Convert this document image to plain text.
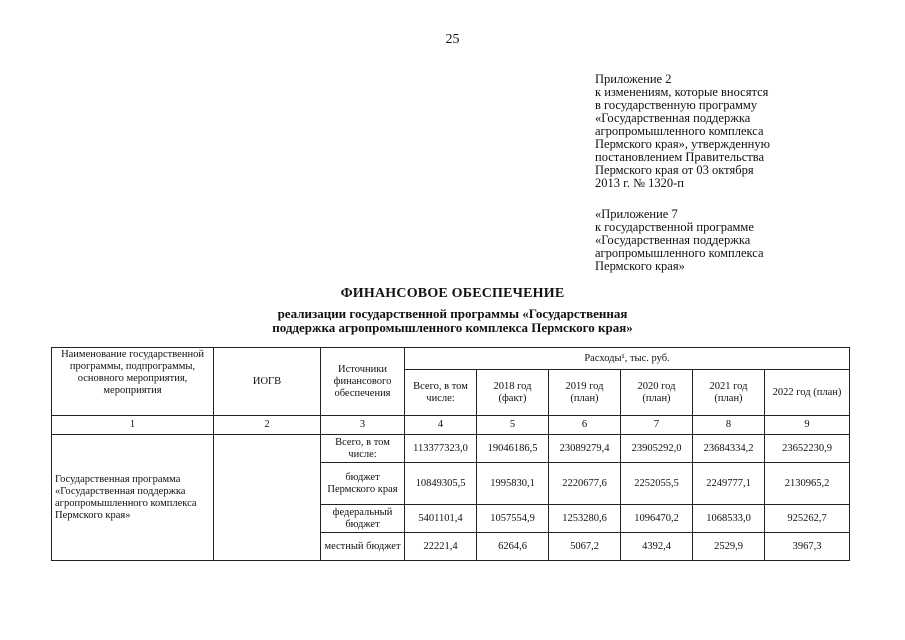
25
Приложение 2
к изменениям, которые вносятся
в государственную программу
«Государственная поддержка
агропромышленного комплекса
Пермского края», утвержденную
постановлением Правительства
Пермского края от 03 октября
2013 г. № 1320-п
«Приложение 7
к государственной программе
«Государственная поддержка
агропромышленного комплекса
Пермского края»
ФИНАНСОВОЕ ОБЕСПЕЧЕНИЕ
реализации государственной программы «Государственная
поддержка агропромышленного комплекса Пермского края»
Наименование государственной программы, подпрограммы, основного мероприятия, мероприятия	ИОГВ	Источники финансового обеспечения	Расходы¹, тыс. руб.					
			Всего, в том числе:	2018 год (факт)	2019 год (план)	2020 год (план)	2021 год (план)	2022 год (план)
1	2	3	4	5	6	7	8	9
Государственная программа «Государственная поддержка агропромышленного комплекса Пермского края»		Всего, в том числе:	113377323,0	19046186,5	23089279,4	23905292,0	23684334,2	23652230,9
		бюджет Пермского края	10849305,5	1995830,1	2220677,6	2252055,5	2249777,1	2130965,2
		федеральный бюджет	5401101,4	1057554,9	1253280,6	1096470,2	1068533,0	925262,7
		местный бюджет	22221,4	6264,6	5067,2	4392,4	2529,9	3967,3
